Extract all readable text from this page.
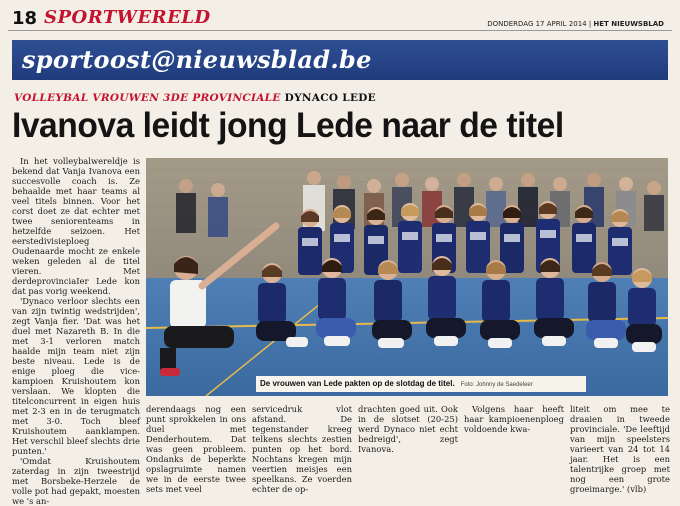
18 SPORTWERELD	DONDERDAG 17 APRIL 2014 | HET NIEUWSBLAD
sportoost@nieuwsblad.be
VOLLEYBAL VROUWEN 3DE PROVINCIALE DYNACO LEDE
Ivanova leidt jong Lede naar de titel

In het volleybalwereldje is bekend dat Vanja Ivanova een succesvolle coach is. Ze behaalde met haar teams al veel titels binnen. Voor het corst doet ze dat echter met twee seniorenteams in hetzelfde seizoen. Het eerstedivisieploeg Oudenaarde mocht ze enkele weken geleden al de titel vieren. Met derdeprovinciaIer Lede kon dat pas vorig weekend.

'Dynaco verloor slechts een van zijn twintig wedstrijden', zegt Vanja fier. 'Dat was het duel met Nazareth B. In die met 3-1 verloren match haalde mijn team niet zijn beste niveau. Lede is de enige ploeg die vice-kampioen Kruishoutem kon verslaan. We klopten die titelconcurrent in eigen huis met 2-3 en in de terugmatch met 3-0. Toch bleef Kruishoutem aanklampen. Het verschil bleef slechts drie punten.'

'Omdat Kruishoutem zaterdag in zijn tweestrijd met Borsbeke-Herzele de volle pot had gepakt, moesten we 's an-

De vrouwen van Lede pakten op de slotdag de titel. Foto: Johnny de Saedeleer

derendaags nog een punt sprokkelen in ons duel met Denderhoutem. Dat was geen probleem. Ondanks de beperkte opslagruimte namen we in de eerste twee sets met veel

servicedruk vlot afstand. De tegenstander kreeg telkens slechts zestien punten op het bord. Nochtans kregen mijn veertien meisjes een speelkans. Ze voerden echter de op-

drachten goed uit. Ook in de slotset (20-25) werd Dynaco niet echt bedreigd', zegt Ivanova.

Volgens haar heeft haar kampioenenploeg voldoende kwa-

liteit om mee te draaien in tweede provinciale. 'De leeftijd van mijn speelsters varieert van 24 tot 14 jaar. Het is een talentrijke groep met nog een grote groeimarge.' (vlb)
